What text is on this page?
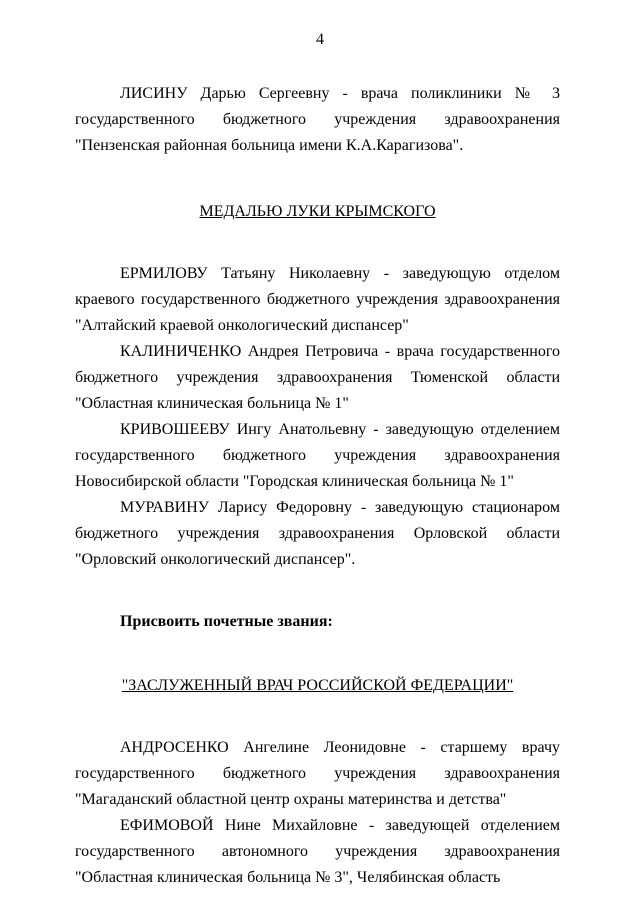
4

ЛИСИНУ Дарью Сергеевну - врача поликлиники № 3 государственного бюджетного учреждения здравоохранения "Пензенская районная больница имени К.А.Карагизова".

МЕДАЛЬЮ ЛУКИ КРЫМСКОГО

ЕРМИЛОВУ Татьяну Николаевну - заведующую отделом краевого государственного бюджетного учреждения здравоохранения "Алтайский краевой онкологический диспансер"

КАЛИНИЧЕНКО Андрея Петровича - врача государственного бюджетного учреждения здравоохранения Тюменской области "Областная клиническая больница № 1"

КРИВОШЕЕВУ Ингу Анатольевну - заведующую отделением государственного бюджетного учреждения здравоохранения Новосибирской области "Городская клиническая больница № 1"

МУРАВИНУ Ларису Федоровну - заведующую стационаром бюджетного учреждения здравоохранения Орловской области "Орловский онкологический диспансер".

Присвоить почетные звания:

"ЗАСЛУЖЕННЫЙ ВРАЧ РОССИЙСКОЙ ФЕДЕРАЦИИ"

АНДРОСЕНКО Ангелине Леонидовне - старшему врачу государственного бюджетного учреждения здравоохранения "Магаданский областной центр охраны материнства и детства"

ЕФИМОВОЙ Нине Михайловне - заведующей отделением государственного автономного учреждения здравоохранения "Областная клиническая больница № 3", Челябинская область
